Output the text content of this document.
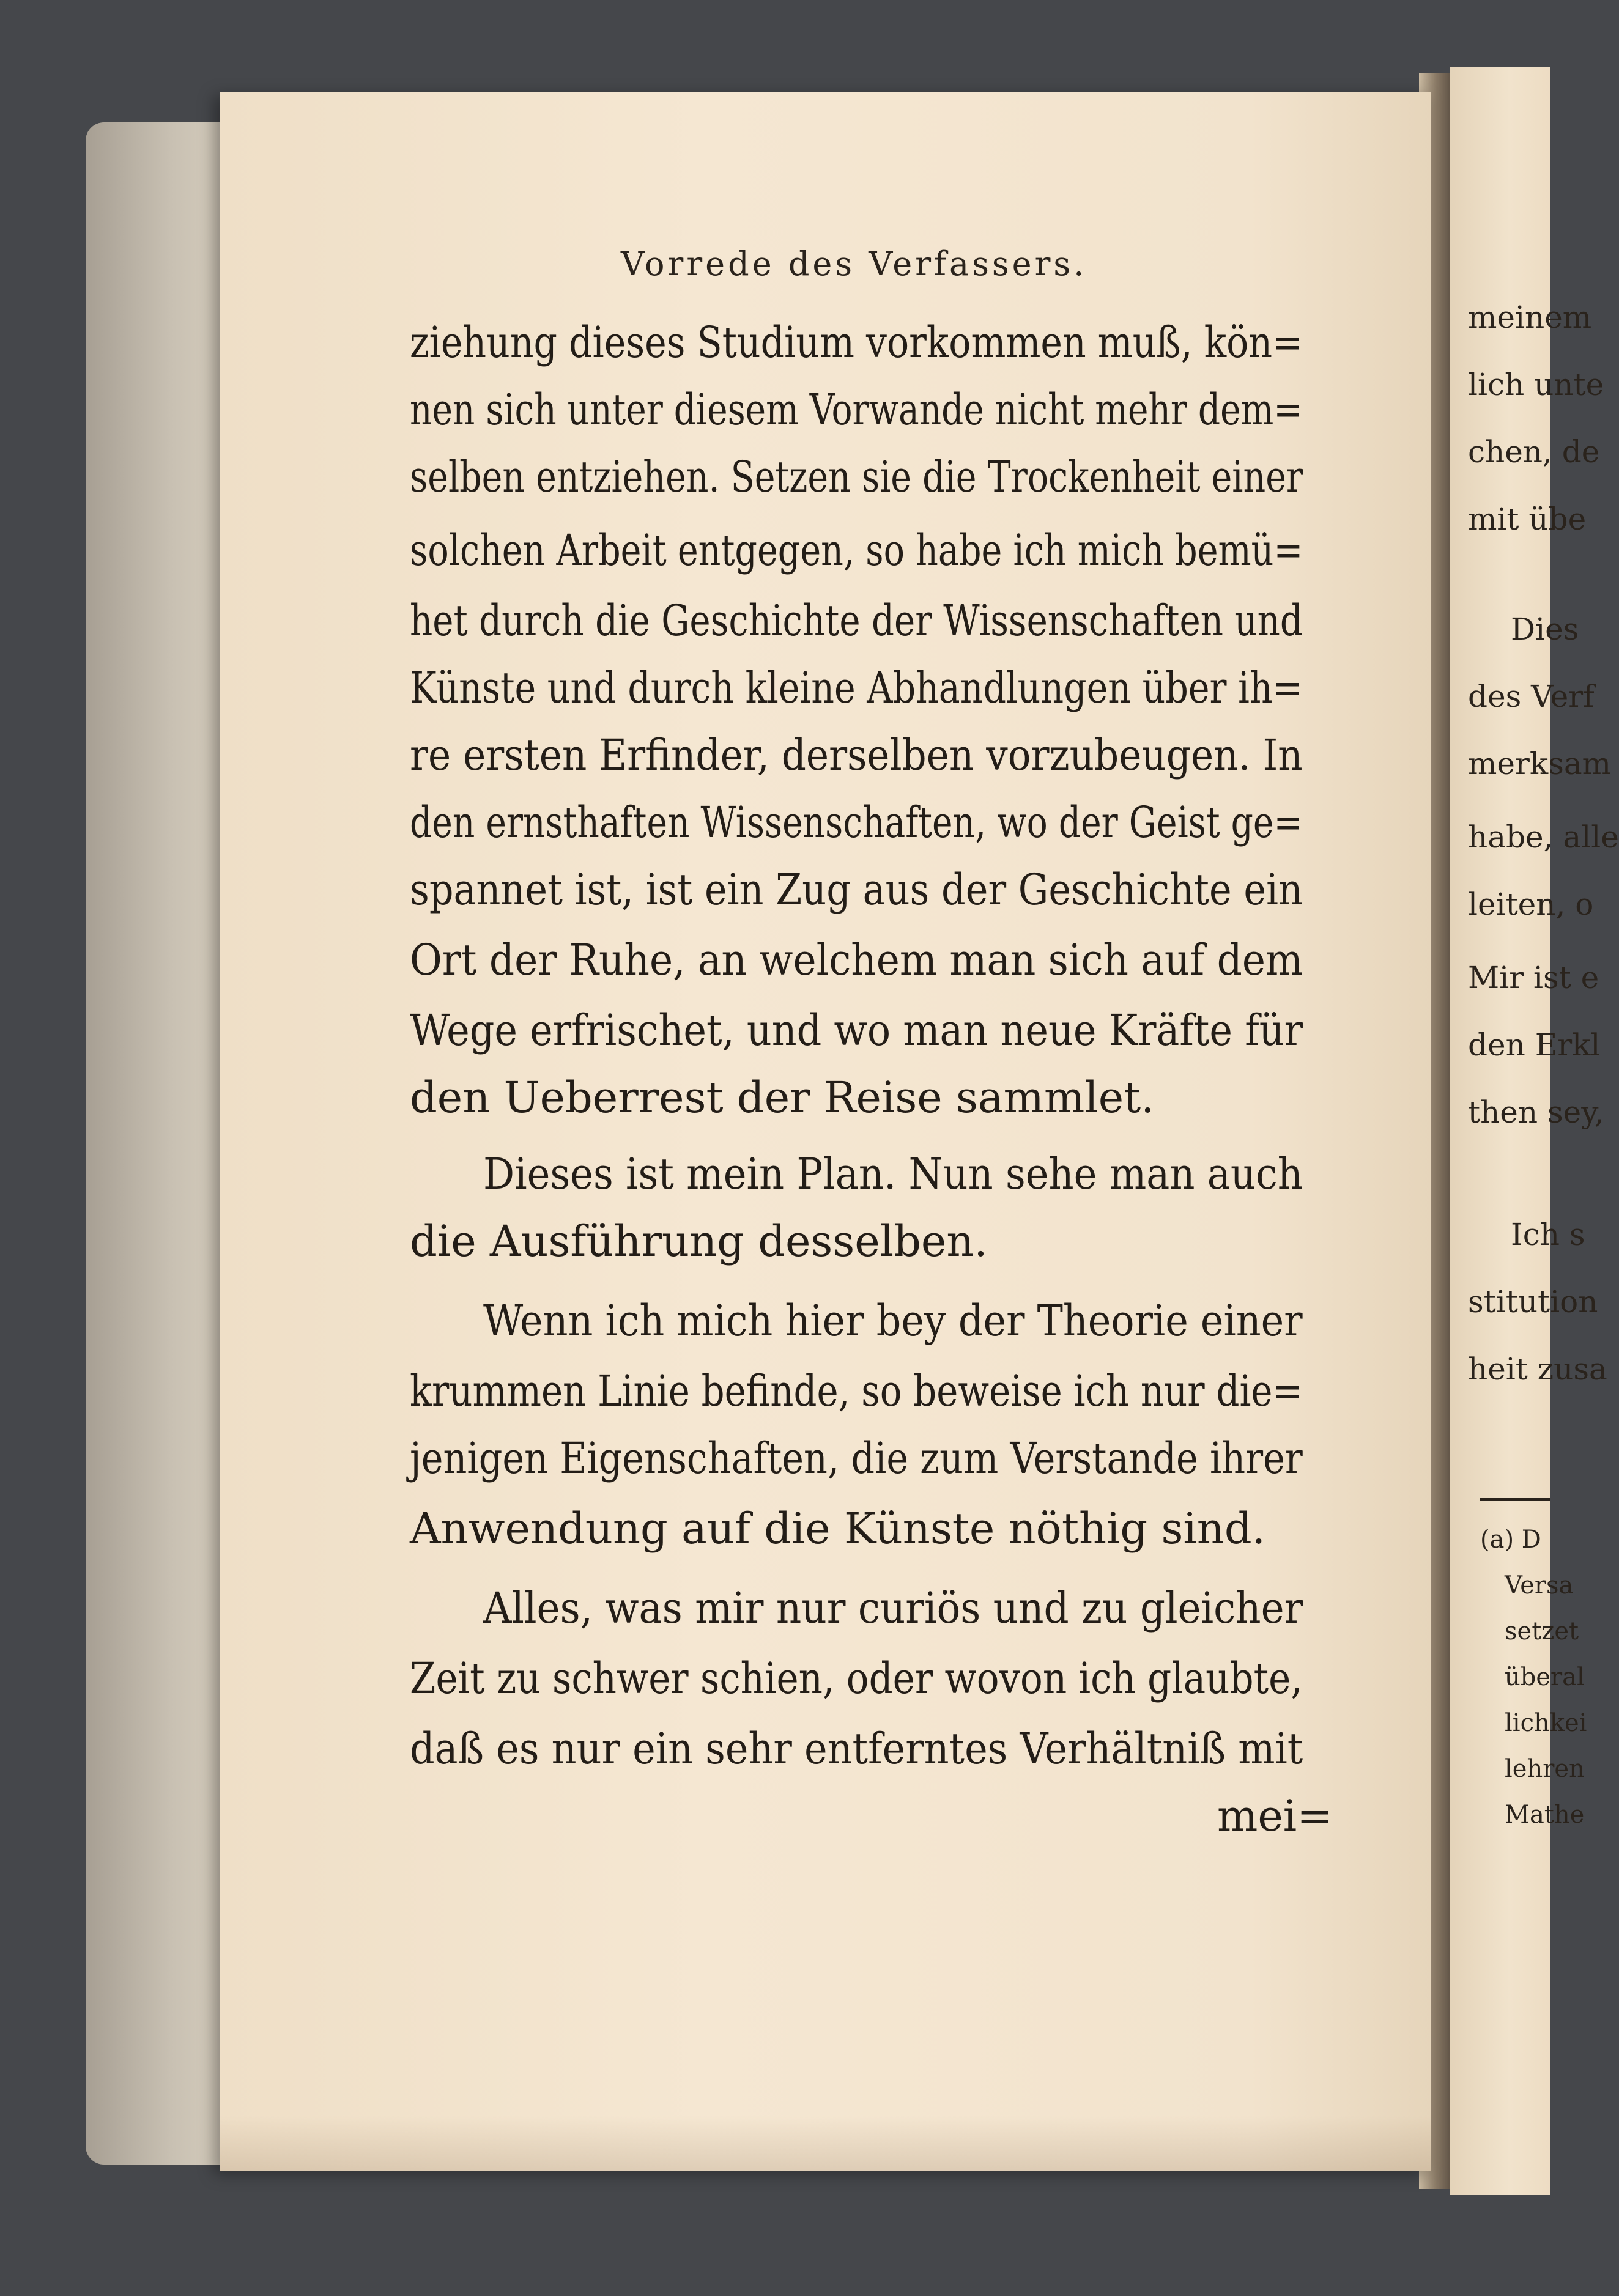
Vorrede des Verfassers.
ziehung dieses Studium vorkommen muß, kön=
nen sich unter diesem Vorwande nicht mehr dem=
selben entziehen. Setzen sie die Trockenheit einer
solchen Arbeit entgegen, so habe ich mich bemü=
het durch die Geschichte der Wissenschaften und
Künste und durch kleine Abhandlungen über ih=
re ersten Erfinder, derselben vorzubeugen. In
den ernsthaften Wissenschaften, wo der Geist ge=
spannet ist, ist ein Zug aus der Geschichte ein
Ort der Ruhe, an welchem man sich auf dem
Wege erfrischet, und wo man neue Kräfte für
den Ueberrest der Reise sammlet.
Dieses ist mein Plan. Nun sehe man auch
die Ausführung desselben.
Wenn ich mich hier bey der Theorie einer
krummen Linie befinde, so beweise ich nur die=
jenigen Eigenschaften, die zum Verstande ihrer
Anwendung auf die Künste nöthig sind.
Alles, was mir nur curiös und zu gleicher
Zeit zu schwer schien, oder wovon ich glaubte,
daß es nur ein sehr entferntes Verhältniß mit
mei=
meinem
lich unte
chen, de
mit übe
Dies
des Verf
merksam
habe, alle
leiten, o
Mir ist e
den Erkl
then sey,
Ich s
stitution
heit zusa
(a) D
Versa
setzet
überal
lichkei
lehren
Mathe
